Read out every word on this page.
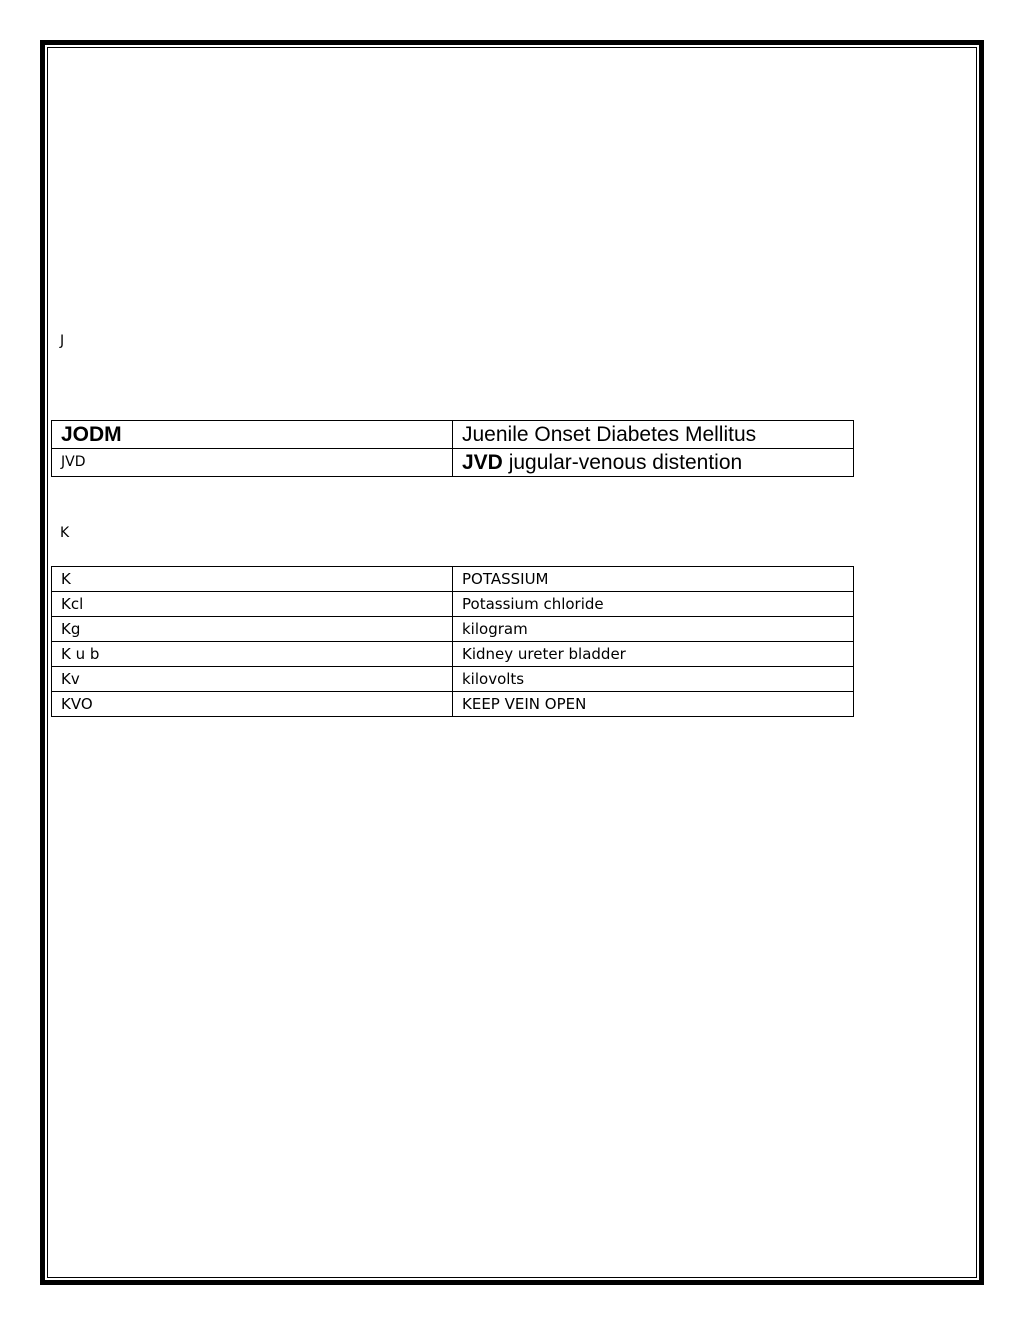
J
JODM	Juenile Onset Diabetes Mellitus
JVD	JVD jugular-venous distention
K
K	POTASSIUM
Kcl	Potassium chloride
Kg	kilogram
K u b	Kidney ureter bladder
Kv	kilovolts
KVO	KEEP VEIN OPEN
